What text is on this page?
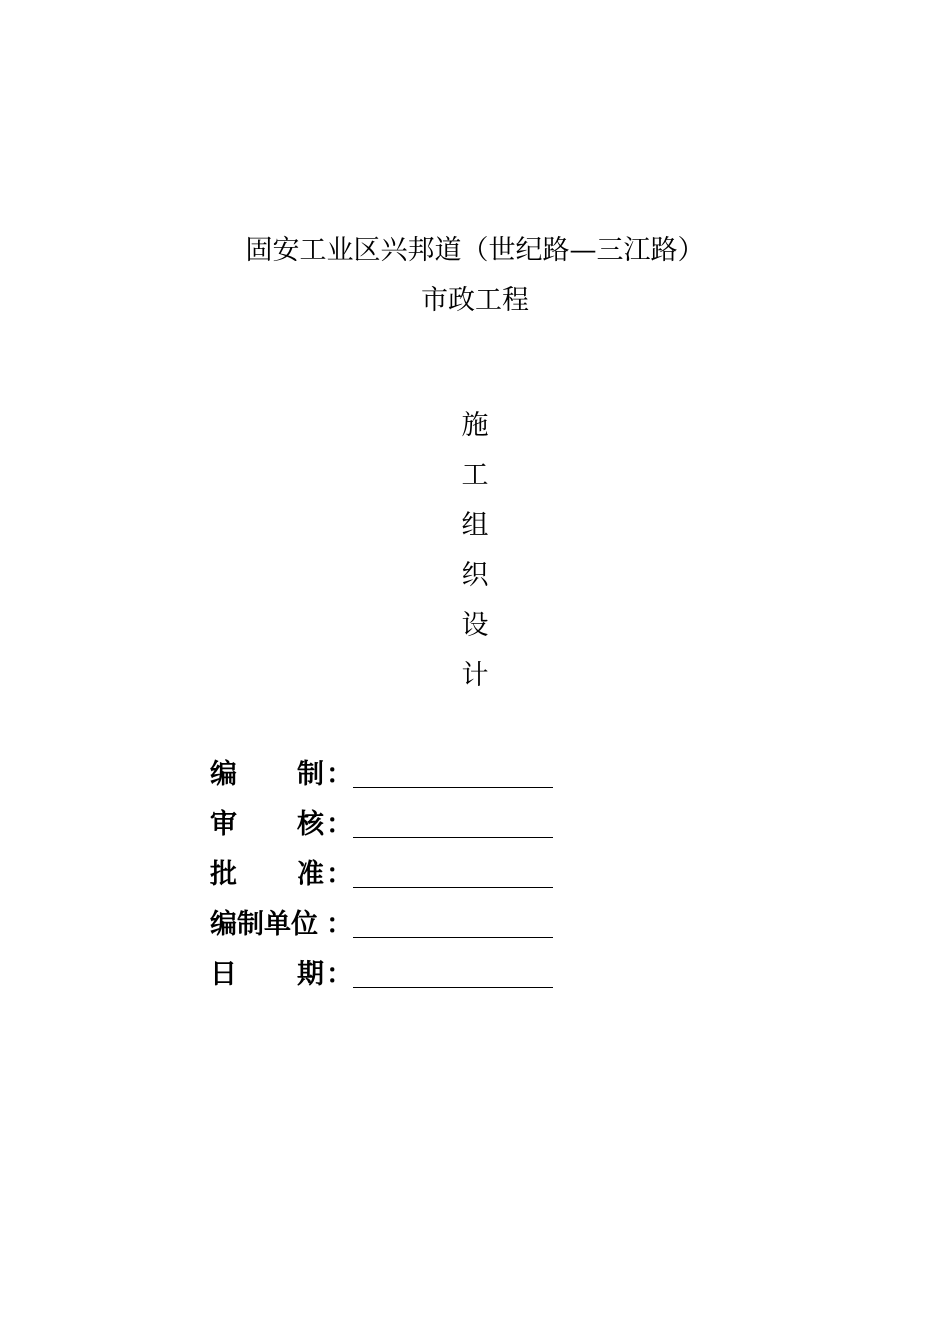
固安工业区兴邦道（世纪路—三江路）
市政工程
施
工
组
织
设
计
编 制 ：
审 核 ：
批 准 ：
编制单位 ：
日 期 ：
